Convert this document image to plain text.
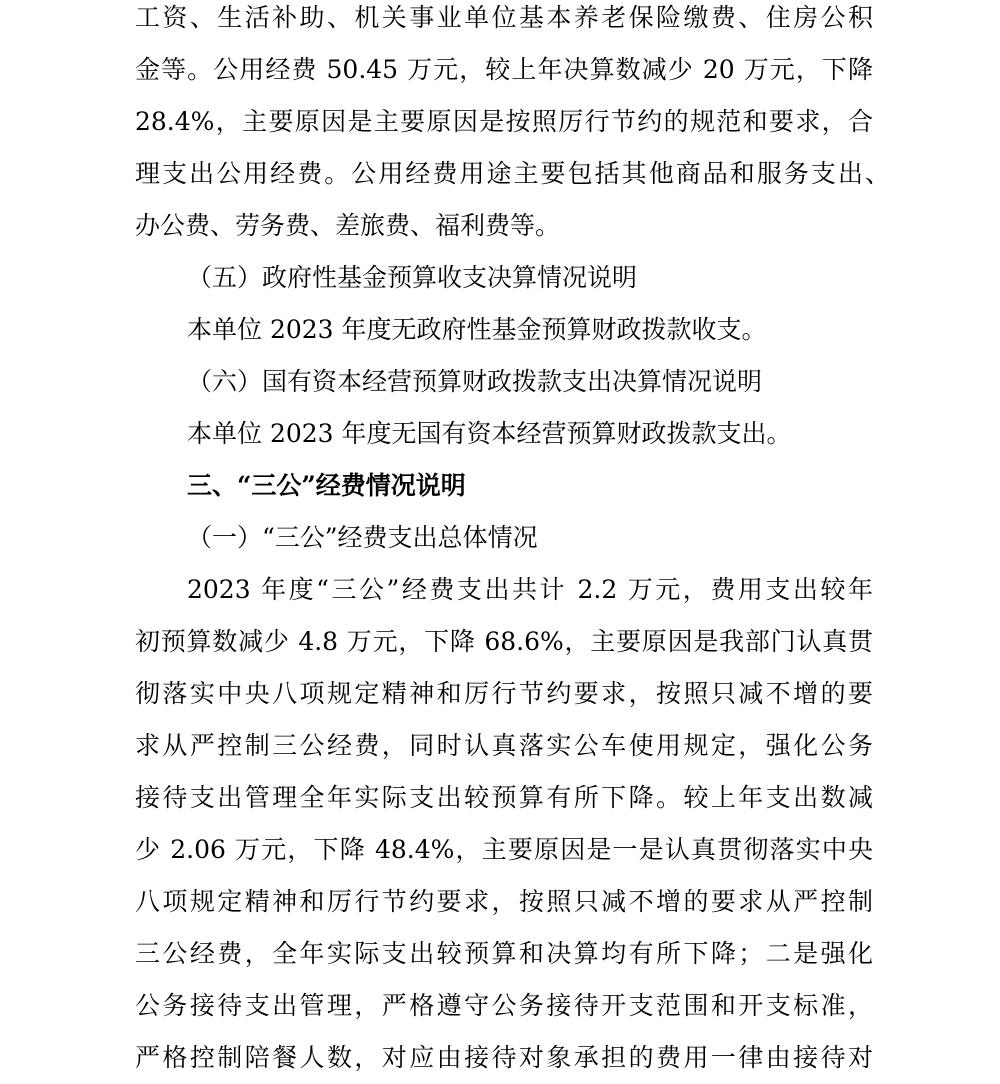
工资、生活补助、机关事业单位基本养老保险缴费、住房公积
金等。公用经费 50.45 万元，较上年决算数减少 20 万元，下降
28.4%，主要原因是主要原因是按照厉行节约的规范和要求，合
理支出公用经费。公用经费用途主要包括其他商品和服务支出、
办公费、劳务费、差旅费、福利费等。
（五）政府性基金预算收支决算情况说明
本单位 2023 年度无政府性基金预算财政拨款收支。
（六）国有资本经营预算财政拨款支出决算情况说明
本单位 2023 年度无国有资本经营预算财政拨款支出。
三、“三公”经费情况说明
（一）“三公”经费支出总体情况
2023 年度“三公”经费支出共计 2.2 万元，费用支出较年
初预算数减少 4.8 万元，下降 68.6%，主要原因是我部门认真贯
彻落实中央八项规定精神和厉行节约要求，按照只减不增的要
求从严控制三公经费，同时认真落实公车使用规定，强化公务
接待支出管理全年实际支出较预算有所下降。较上年支出数减
少 2.06 万元，下降 48.4%，主要原因是一是认真贯彻落实中央
八项规定精神和厉行节约要求，按照只减不增的要求从严控制
三公经费，全年实际支出较预算和决算均有所下降；二是强化
公务接待支出管理，严格遵守公务接待开支范围和开支标准，
严格控制陪餐人数，对应由接待对象承担的费用一律由接待对
